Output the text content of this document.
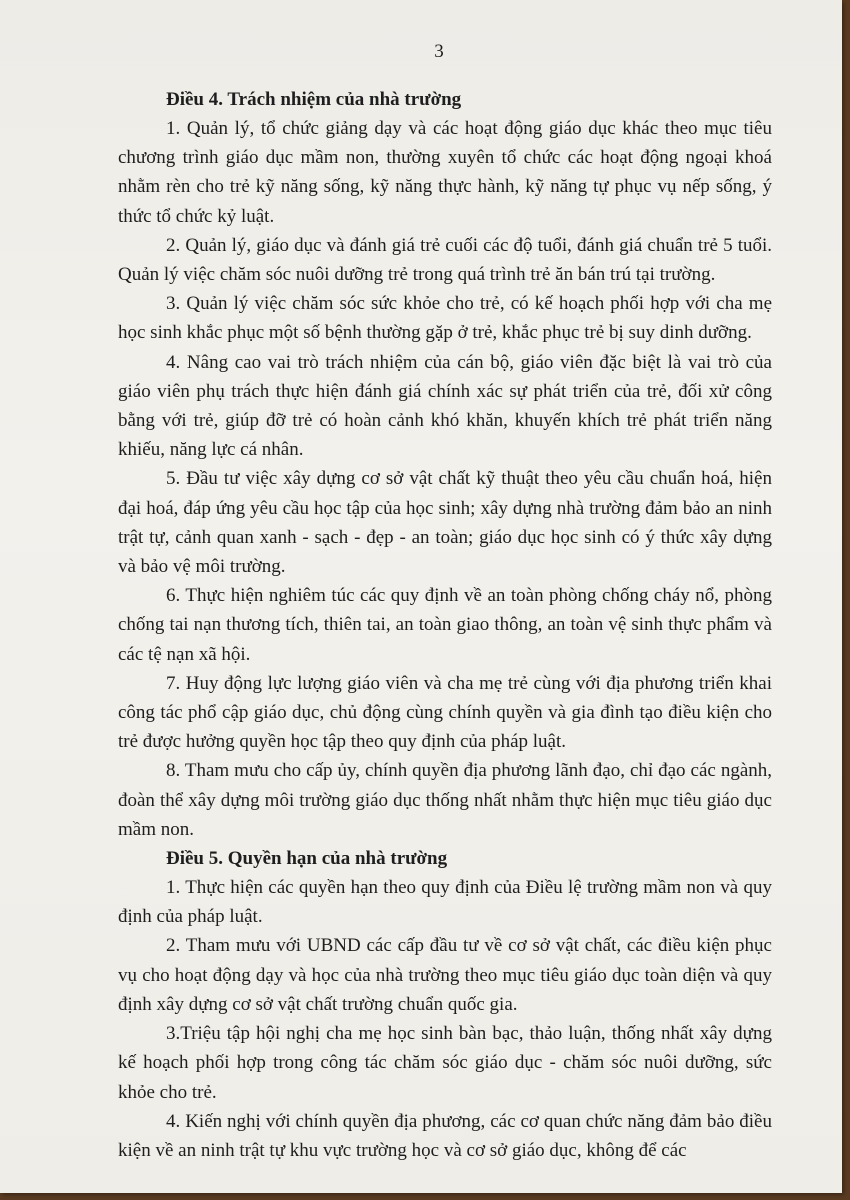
3
Điều 4. Trách nhiệm của nhà trường

1. Quản lý, tổ chức giảng dạy và các hoạt động giáo dục khác theo mục tiêu chương trình giáo dục mầm non, thường xuyên tổ chức các hoạt động ngoại khoá nhằm rèn cho trẻ kỹ năng sống, kỹ năng thực hành, kỹ năng tự phục vụ nếp sống, ý thức tổ chức kỷ luật.

2. Quản lý, giáo dục và đánh giá trẻ cuối các độ tuổi, đánh giá chuẩn trẻ 5 tuổi. Quản lý việc chăm sóc nuôi dưỡng trẻ trong quá trình trẻ ăn bán trú tại trường.

3. Quản lý việc chăm sóc sức khỏe cho trẻ, có kế hoạch phối hợp với cha mẹ học sinh khắc phục một số bệnh thường gặp ở trẻ, khắc phục trẻ bị suy dinh dưỡng.

4. Nâng cao vai trò trách nhiệm của cán bộ, giáo viên đặc biệt là vai trò của giáo viên phụ trách thực hiện đánh giá chính xác sự phát triển của trẻ, đối xử công bằng với trẻ, giúp đỡ trẻ có hoàn cảnh khó khăn, khuyến khích trẻ phát triển năng khiếu, năng lực cá nhân.

5. Đầu tư việc xây dựng cơ sở vật chất kỹ thuật theo yêu cầu chuẩn hoá, hiện đại hoá, đáp ứng yêu cầu học tập của học sinh; xây dựng nhà trường đảm bảo an ninh trật tự, cảnh quan xanh - sạch - đẹp - an toàn; giáo dục học sinh có ý thức xây dựng và bảo vệ môi trường.

6. Thực hiện nghiêm túc các quy định về an toàn phòng chống cháy nổ, phòng chống tai nạn thương tích, thiên tai, an toàn giao thông, an toàn vệ sinh thực phẩm và các tệ nạn xã hội.

7. Huy động lực lượng giáo viên và cha mẹ trẻ cùng với địa phương triển khai công tác phổ cập giáo dục, chủ động cùng chính quyền và gia đình tạo điều kiện cho trẻ được hưởng quyền học tập theo quy định của pháp luật.

8. Tham mưu cho cấp ủy, chính quyền địa phương lãnh đạo, chỉ đạo các ngành, đoàn thể xây dựng môi trường giáo dục thống nhất nhằm thực hiện mục tiêu giáo dục mầm non.

Điều 5. Quyền hạn của nhà trường

1. Thực hiện các quyền hạn theo quy định của Điều lệ trường mầm non và quy định của pháp luật.

2. Tham mưu với UBND các cấp đầu tư về cơ sở vật chất, các điều kiện phục vụ cho hoạt động dạy và học của nhà trường theo mục tiêu giáo dục toàn diện và quy định xây dựng cơ sở vật chất trường chuẩn quốc gia.

3.Triệu tập hội nghị cha mẹ học sinh bàn bạc, thảo luận, thống nhất xây dựng kế hoạch phối hợp trong công tác chăm sóc giáo dục - chăm sóc nuôi dưỡng, sức khỏe cho trẻ.

4. Kiến nghị với chính quyền địa phương, các cơ quan chức năng đảm bảo điều kiện về an ninh trật tự khu vực trường học và cơ sở giáo dục, không để các
